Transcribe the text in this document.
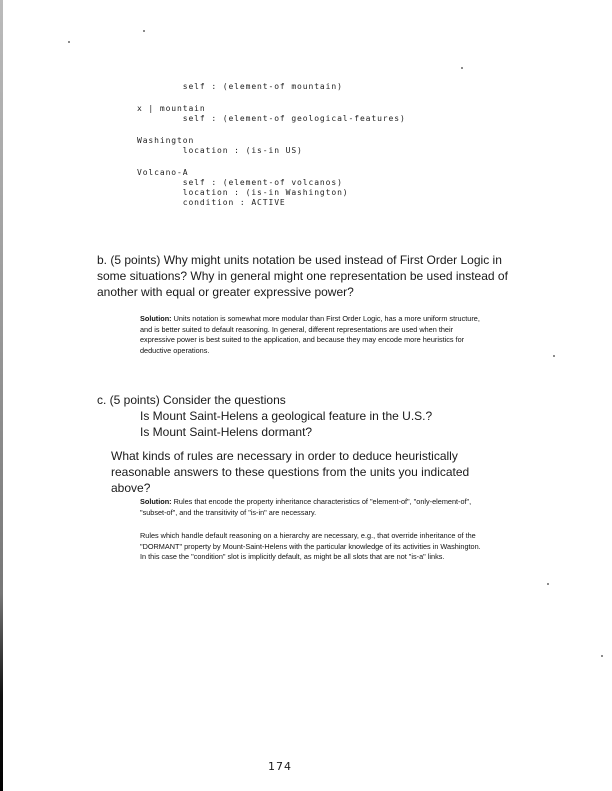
self : (element-of mountain)
x | mountain
self : (element-of geological-features)
Washington
location : (is-in US)
Volcano-A
self : (element-of volcanos)
location : (is-in Washington)
condition : ACTIVE
b. (5 points) Why might units notation be used instead of First Order Logic in some situations? Why in general might one representation be used instead of another with equal or greater expressive power?
Solution: Units notation is somewhat more modular than First Order Logic, has a more uniform structure, and is better suited to default reasoning. In general, different representations are used when their expressive power is best suited to the application, and because they may encode more heuristics for deductive operations.
c. (5 points) Consider the questions
Is Mount Saint-Helens a geological feature in the U.S.?
Is Mount Saint-Helens dormant?
What kinds of rules are necessary in order to deduce heuristically reasonable answers to these questions from the units you indicated above?
Solution: Rules that encode the property inheritance characteristics of "element-of", "only-element-of", "subset-of", and the transitivity of "is-in" are necessary.
Rules which handle default reasoning on a hierarchy are necessary, e.g., that override inheritance of the "DORMANT" property by Mount-Saint-Helens with the particular knowledge of its activities in Washington. In this case the "condition" slot is implicitly default, as might be all slots that are not "is-a" links.
174
